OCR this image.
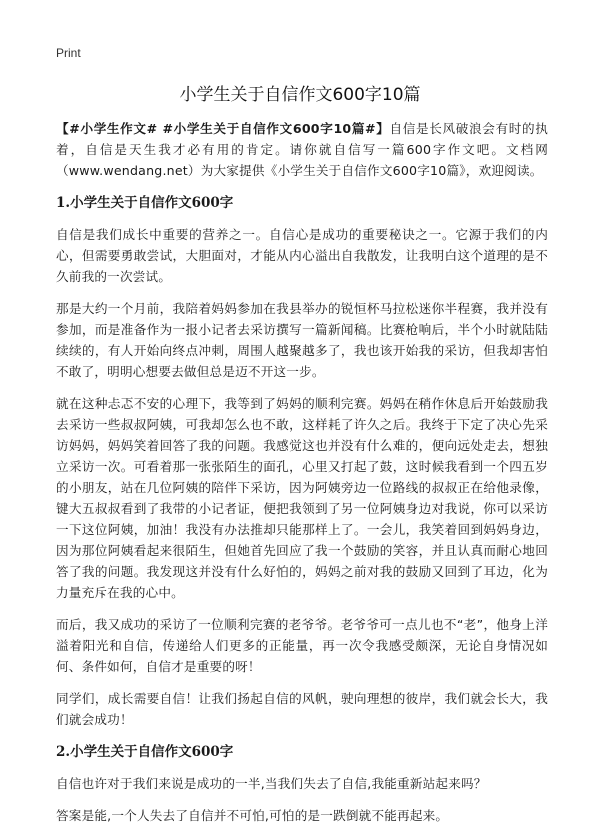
Print
小学生关于自信作文600字10篇

【#小学生作文# #小学生关于自信作文600字10篇#】自信是长风破浪会有时的执着，自信是天生我才必有用的肯定。请你就自信写一篇600字作文吧。文档网（www.wendang.net）为大家提供《小学生关于自信作文600字10篇》，欢迎阅读。

1.小学生关于自信作文600字

自信是我们成长中重要的营养之一。自信心是成功的重要秘诀之一。它源于我们的内心，但需要勇敢尝试，大胆面对，才能从内心溢出自我散发，让我明白这个道理的是不久前我的一次尝试。

那是大约一个月前，我陪着妈妈参加在我县举办的锐恒杯马拉松迷你半程赛，我并没有参加，而是准备作为一报小记者去采访撰写一篇新闻稿。比赛枪响后，半个小时就陆陆续续的，有人开始向终点冲刺，周围人越聚越多了，我也该开始我的采访，但我却害怕不敢了，明明心想要去做但总是迈不开这一步。

就在这种忐忑不安的心理下，我等到了妈妈的顺利完赛。妈妈在稍作休息后开始鼓励我去采访一些叔叔阿姨，可我却怎么也不敢，这样耗了许久之后。我终于下定了决心先采访妈妈，妈妈笑着回答了我的问题。我感觉这也并没有什么难的，便向远处走去，想独立采访一次。可看着那一张张陌生的面孔，心里又打起了鼓，这时候我看到一个四五岁的小朋友，站在几位阿姨的陪伴下采访，因为阿姨旁边一位路线的叔叔正在给他录像，键大五叔叔看到了我带的小记者证，便把我领到了另一位阿姨身边对我说，你可以采访一下这位阿姨，加油！我没有办法推却只能那样上了。一会儿，我笑着回到妈妈身边，因为那位阿姨看起来很陌生，但她首先回应了我一个鼓励的笑容，并且认真而耐心地回答了我的问题。我发现这并没有什么好怕的，妈妈之前对我的鼓励又回到了耳边，化为力量充斥在我的心中。

而后，我又成功的采访了一位顺利完赛的老爷爷。老爷爷可一点儿也不“老”，他身上洋溢着阳光和自信，传递给人们更多的正能量，再一次令我感受颇深，无论自身情况如何、条件如何，自信才是重要的呀！

同学们，成长需要自信！让我们扬起自信的风帆，驶向理想的彼岸，我们就会长大，我们就会成功！

2.小学生关于自信作文600字

自信也许对于我们来说是成功的一半,当我们失去了自信,我能重新站起来吗？

答案是能,一个人失去了自信并不可怕,可怕的是一跌倒就不能再起来。
